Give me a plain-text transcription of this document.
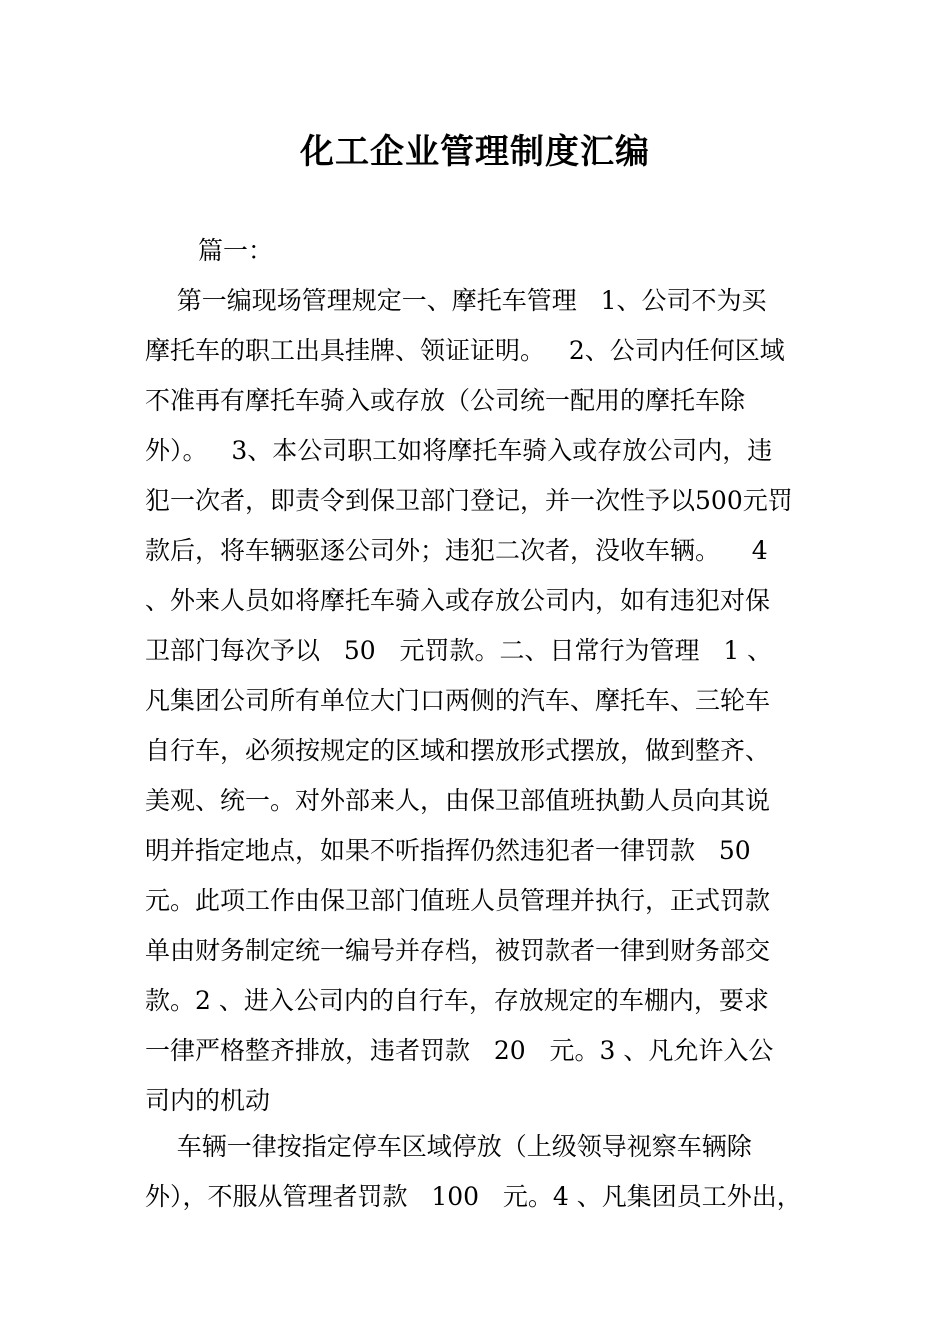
化工企业管理制度汇编
篇一：
第一编现场管理规定一、摩托车管理   1、公司不为买
摩托车的职工出具挂牌、领证证明。   2、公司内任何区域
不准再有摩托车骑入或存放（公司统一配用的摩托车除
外）。   3、本公司职工如将摩托车骑入或存放公司内，违
犯一次者，即责令到保卫部门登记，并一次性予以500元罚
款后，将车辆驱逐公司外；违犯二次者，没收车辆。    4
、外来人员如将摩托车骑入或存放公司内，如有违犯对保
卫部门每次予以   50   元罚款。二、日常行为管理   1 、
凡集团公司所有单位大门口两侧的汽车、摩托车、三轮车
自行车，必须按规定的区域和摆放形式摆放，做到整齐、
美观、统一。对外部来人，由保卫部值班执勤人员向其说
明并指定地点，如果不听指挥仍然违犯者一律罚款   50
元。此项工作由保卫部门值班人员管理并执行，正式罚款
单由财务制定统一编号并存档，被罚款者一律到财务部交
款。2 、进入公司内的自行车，存放规定的车棚内，要求
一律严格整齐排放，违者罚款   20   元。3 、凡允许入公
司内的机动
车辆一律按指定停车区域停放（上级领导视察车辆除
外），不服从管理者罚款   100   元。4 、凡集团员工外出，
